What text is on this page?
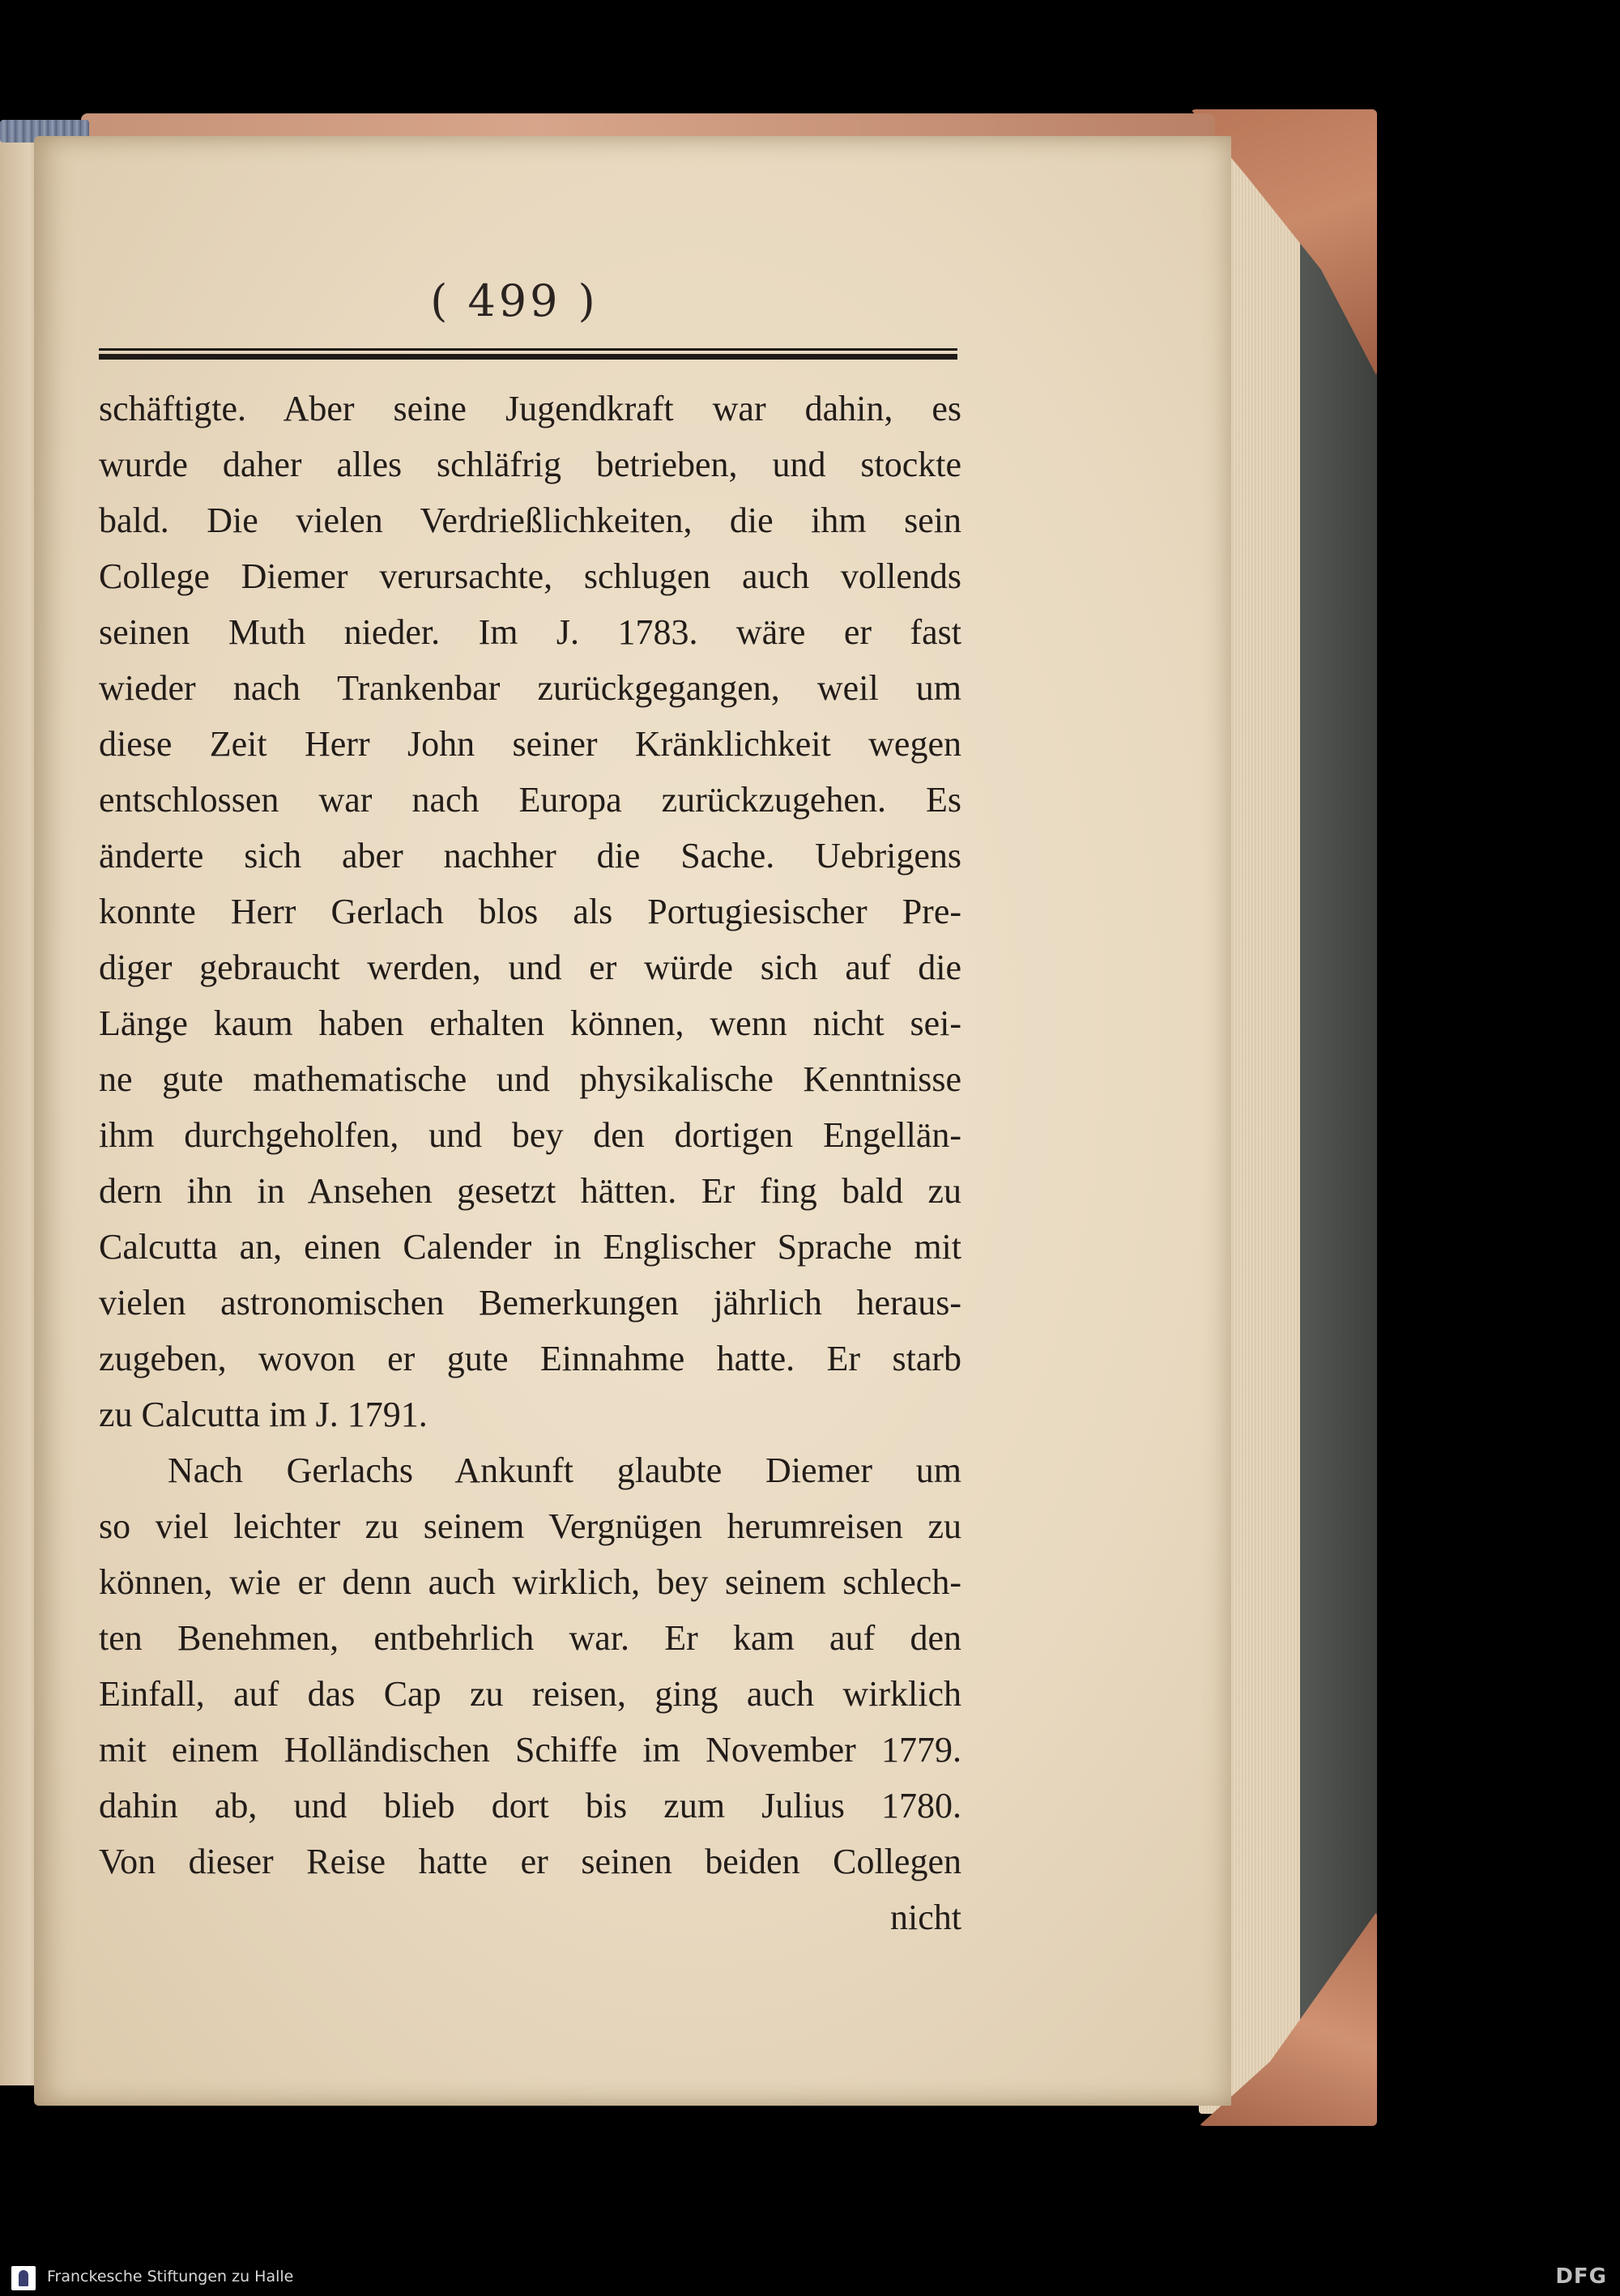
( 499 )
schäftigte. Aber seine Jugendkraft war dahin, es
wurde daher alles schläfrig betrieben, und stockte
bald. Die vielen Verdrießlichkeiten, die ihm sein
College Diemer verursachte, schlugen auch vollends
seinen Muth nieder. Im J. 1783. wäre er fast
wieder nach Trankenbar zurückgegangen, weil um
diese Zeit Herr John seiner Kränklichkeit wegen
entschlossen war nach Europa zurückzugehen. Es
änderte sich aber nachher die Sache. Uebrigens
konnte Herr Gerlach blos als Portugiesischer Pre-
diger gebraucht werden, und er würde sich auf die
Länge kaum haben erhalten können, wenn nicht sei-
ne gute mathematische und physikalische Kenntnisse
ihm durchgeholfen, und bey den dortigen Engellän-
dern ihn in Ansehen gesetzt hätten. Er fing bald zu
Calcutta an, einen Calender in Englischer Sprache mit
vielen astronomischen Bemerkungen jährlich heraus-
zugeben, wovon er gute Einnahme hatte. Er starb
zu Calcutta im J. 1791.
Nach Gerlachs Ankunft glaubte Diemer um
so viel leichter zu seinem Vergnügen herumreisen zu
können, wie er denn auch wirklich, bey seinem schlech-
ten Benehmen, entbehrlich war. Er kam auf den
Einfall, auf das Cap zu reisen, ging auch wirklich
mit einem Holländischen Schiffe im November 1779.
dahin ab, und blieb dort bis zum Julius 1780.
Von dieser Reise hatte er seinen beiden Collegen
nicht
Franckesche Stiftungen zu Halle	DFG
